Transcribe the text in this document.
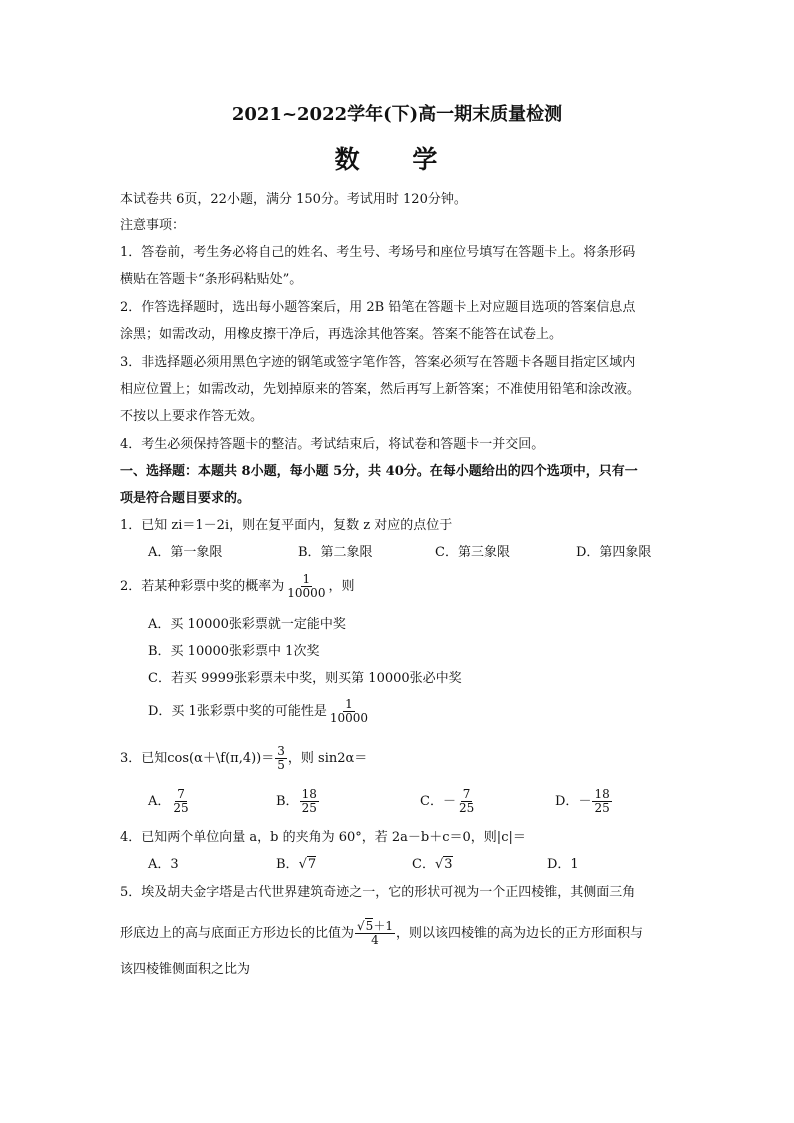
2021~2022学年(下)高一期末质量检测
数 学
本试卷共 6页，22小题，满分 150分。考试用时 120分钟。
注意事项：
1．答卷前，考生务必将自己的姓名、考生号、考场号和座位号填写在答题卡上。将条形码
横贴在答题卡“条形码粘贴处”。
2．作答选择题时，选出每小题答案后，用 2B 铅笔在答题卡上对应题目选项的答案信息点
涂黑；如需改动，用橡皮擦干净后，再选涂其他答案。答案不能答在试卷上。
3．非选择题必须用黑色字迹的钢笔或签字笔作答，答案必须写在答题卡各题目指定区域内
相应位置上；如需改动，先划掉原来的答案，然后再写上新答案；不准使用铅笔和涂改液。
不按以上要求作答无效。
4．考生必须保持答题卡的整洁。考试结束后，将试卷和答题卡一并交回。
一、选择题：本题共 8小题，每小题 5分，共 40分。在每小题给出的四个选项中，只有一
项是符合题目要求的。
1．已知 zi＝1－2i，则在复平面内，复数 z 对应的点位于
A．第一象限	B．第二象限	C．第三象限	D．第四象限
2．若某种彩票中奖的概率为 $\frac{1}{10000}$ ，则
A．买 10000张彩票就一定能中奖
B．买 10000张彩票中 1次奖
C．若买 9999张彩票未中奖，则买第 10000张必中奖
D．买 1张彩票中奖的可能性是 $\frac{1}{10000}$
3．已知cos(α＋\f(π,4))＝ $\frac{3}{5}$ ，则 sin2α＝
A． $\frac{7}{25}$	B． $\frac{18}{25}$	C．－ $\frac{7}{25}$	D．－ $\frac{18}{25}$
4．已知两个单位向量 a，b 的夹角为 60°，若 2a－b＋c＝0，则|c|＝
A．3	B．√7	C．√3	D．1
5．埃及胡夫金字塔是古代世界建筑奇迹之一，它的形状可视为一个正四棱锥，其侧面三角
形底边上的高与底面正方形边长的比值为 $\frac{√5+1}{4}$ ，则以该四棱锥的高为边长的正方形面积与
该四棱锥侧面积之比为
